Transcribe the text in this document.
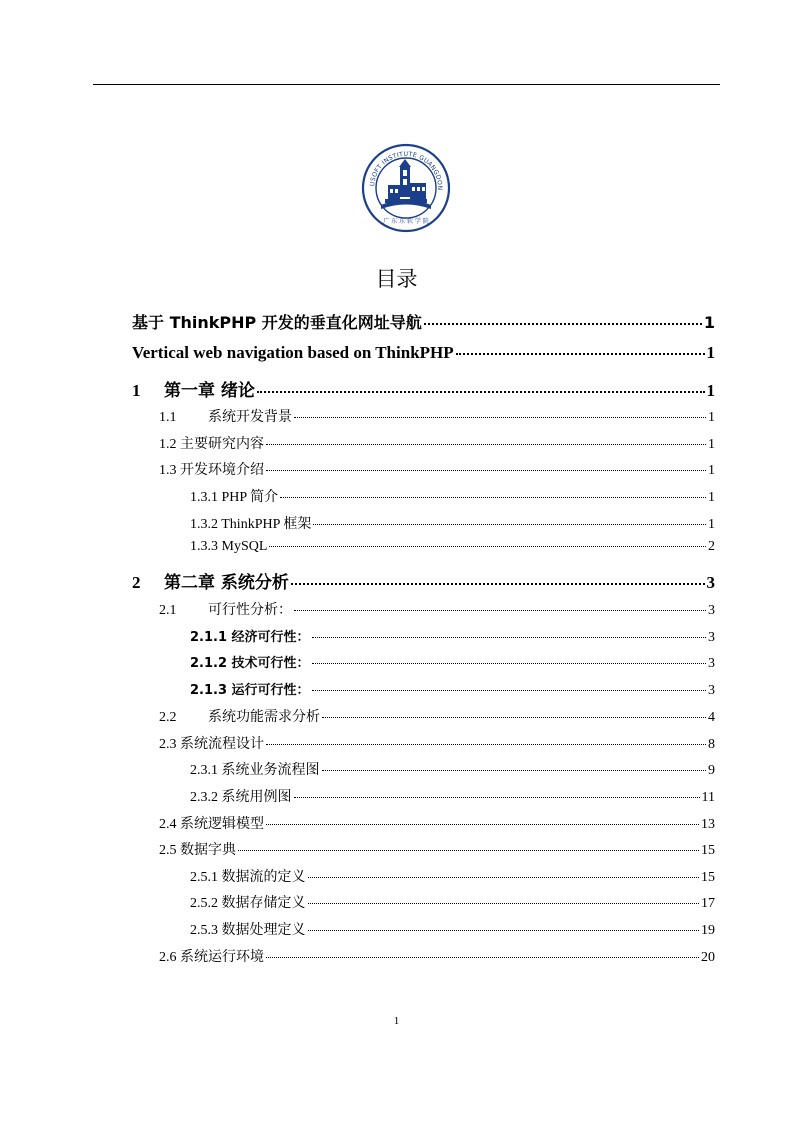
USOFT INSTITUTE GUANGDON
广 东 东 软 学 院
目录
基于 ThinkPHP 开发的垂直化网址导航	1
Vertical web navigation based on ThinkPHP	1
1	第一章 绪论	1
1.1	系统开发背景	1
1.2 主要研究内容	1
1.3 开发环境介绍	1
1.3.1 PHP 简介	1
1.3.2 ThinkPHP 框架	1
1.3.3 MySQL	2
2	第二章 系统分析	3
2.1	可行性分析：	3
2.1.1 经济可行性：	3
2.1.2 技术可行性：	3
2.1.3 运行可行性：	3
2.2	系统功能需求分析	4
2.3 系统流程设计	8
2.3.1 系统业务流程图	9
2.3.2 系统用例图	11
2.4 系统逻辑模型	13
2.5 数据字典	15
2.5.1 数据流的定义	15
2.5.2 数据存储定义	17
2.5.3 数据处理定义	19
2.6 系统运行环境	20
1
